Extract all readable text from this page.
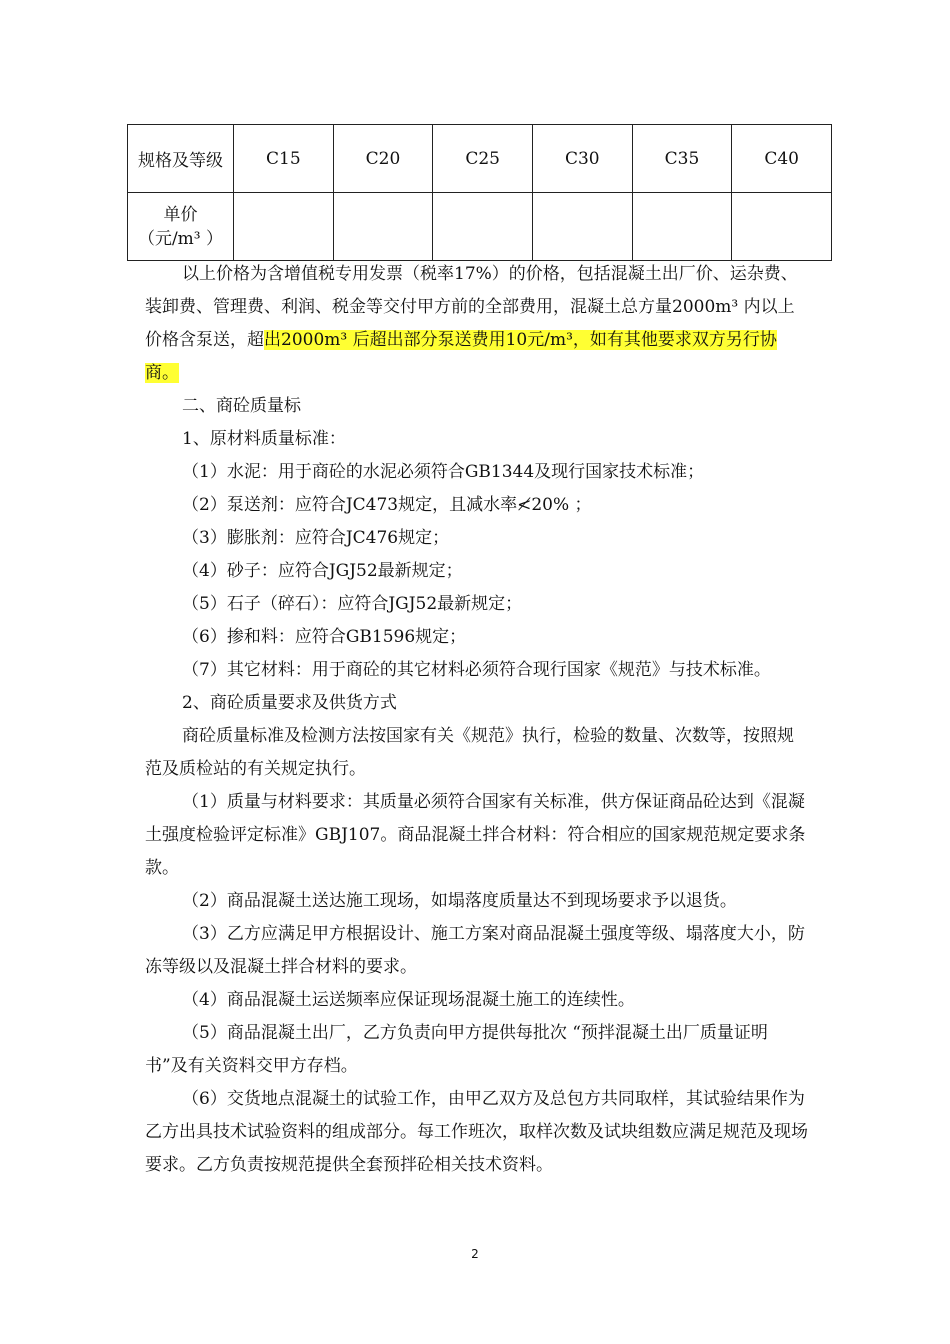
规格及等级	C15	C20	C25	C30	C35	C40

单价
（元/m³ ）						

以上价格为含增值税专用发票（税率17%）的价格，包括混凝土出厂价、运杂费、装卸费、管理费、利润、税金等交付甲方前的全部费用，混凝土总方量2000m³ 内以上价格含泵送，超出2000m³ 后超出部分泵送费用10元/m³，如有其他要求双方另行协商。

二、商砼质量标

1、原材料质量标准：

（1）水泥：用于商砼的水泥必须符合GB1344及现行国家技术标准；

（2）泵送剂：应符合JC473规定，且减水率≮20% ；

（3）膨胀剂：应符合JC476规定；

（4）砂子：应符合JGJ52最新规定；

（5）石子（碎石）：应符合JGJ52最新规定；

（6）掺和料：应符合GB1596规定；

（7）其它材料：用于商砼的其它材料必须符合现行国家《规范》与技术标准。

2、商砼质量要求及供货方式

商砼质量标准及检测方法按国家有关《规范》执行，检验的数量、次数等，按照规范及质检站的有关规定执行。

（1）质量与材料要求：其质量必须符合国家有关标准，供方保证商品砼达到《混凝土强度检验评定标准》GBJ107。商品混凝土拌合材料：符合相应的国家规范规定要求条款。

（2）商品混凝土送达施工现场，如塌落度质量达不到现场要求予以退货。

（3）乙方应满足甲方根据设计、施工方案对商品混凝土强度等级、塌落度大小，防冻等级以及混凝土拌合材料的要求。

（4）商品混凝土运送频率应保证现场混凝土施工的连续性。

（5）商品混凝土出厂，乙方负责向甲方提供每批次 “预拌混凝土出厂质量证明书”及有关资料交甲方存档。

（6）交货地点混凝土的试验工作，由甲乙双方及总包方共同取样，其试验结果作为乙方出具技术试验资料的组成部分。每工作班次，取样次数及试块组数应满足规范及现场要求。乙方负责按规范提供全套预拌砼相关技术资料。

2
